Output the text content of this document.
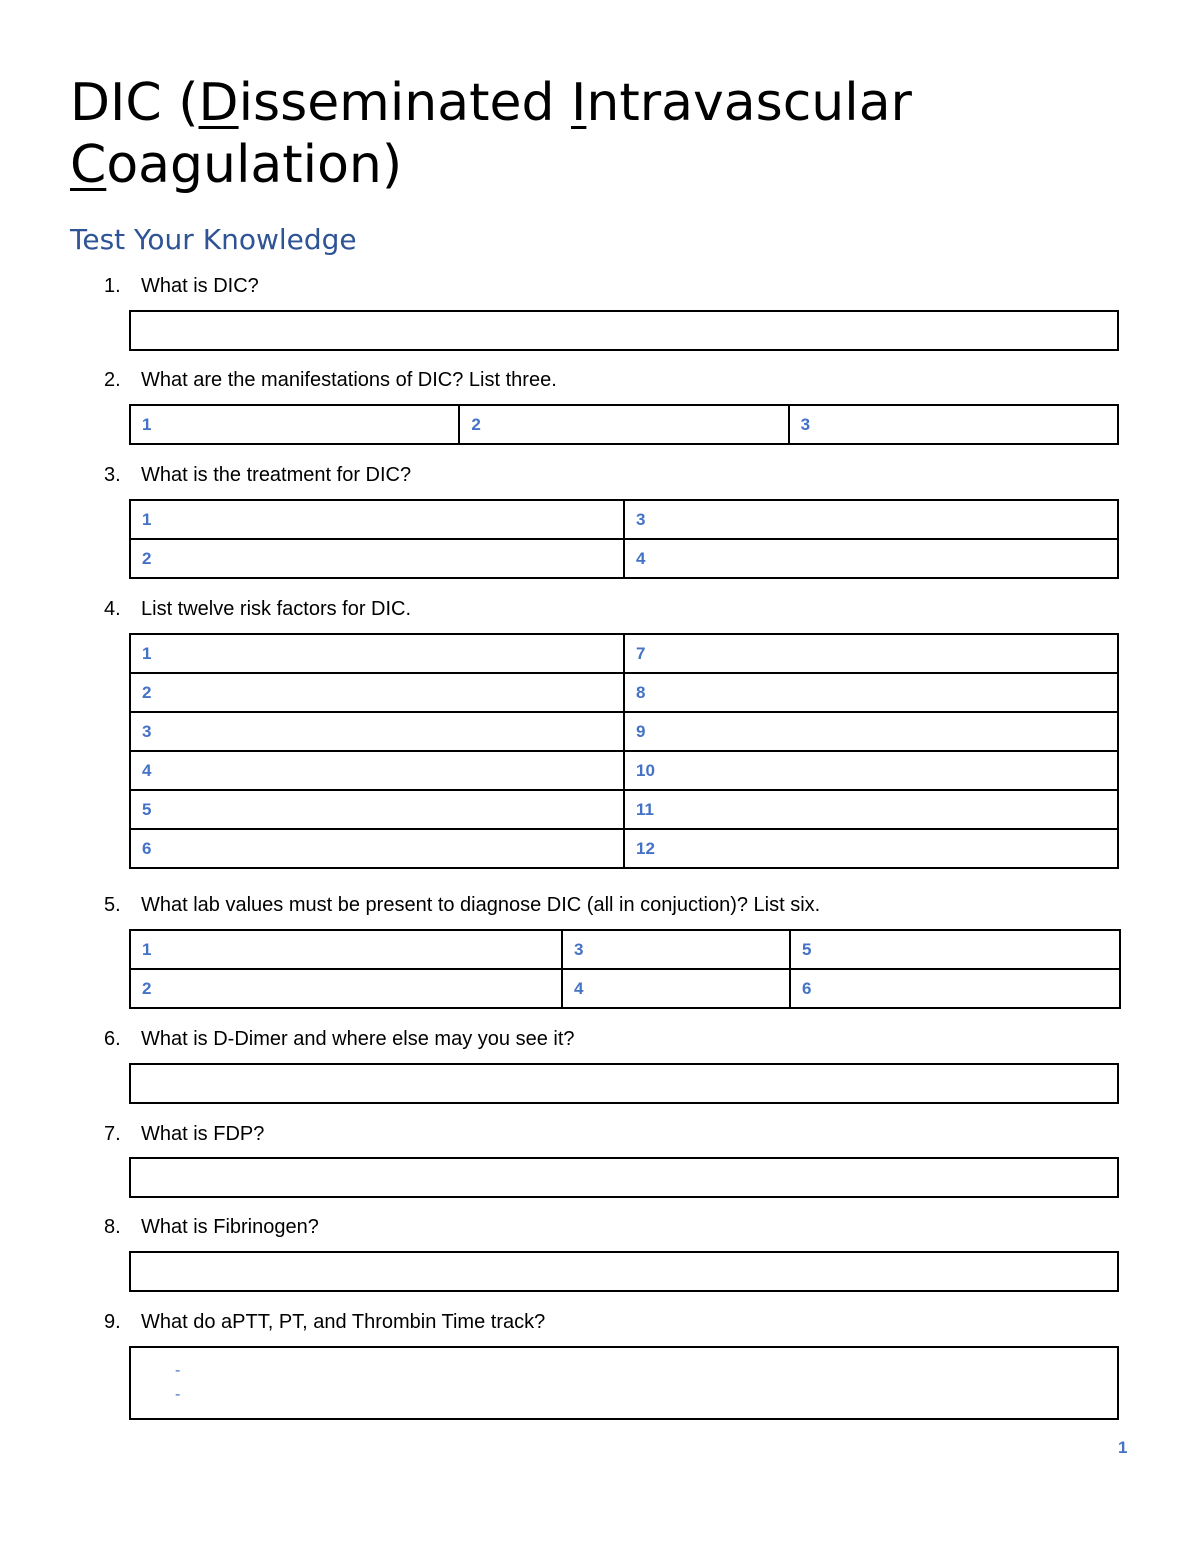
DIC (Disseminated Intravascular
Coagulation)
Test Your Knowledge
1. What is DIC?
2. What are the manifestations of DIC? List three.
1	2	3
3. What is the treatment for DIC?
1	3
2	4
4. List twelve risk factors for DIC.
1	7
2	8
3	9
4	10
5	11
6	12
5. What lab values must be present to diagnose DIC (all in conjuction)? List six.
1	3	5
2	4	6
6. What is D-Dimer and where else may you see it?
7. What is FDP?
8. What is Fibrinogen?
9. What do aPTT, PT, and Thrombin Time track?
-
-
1
